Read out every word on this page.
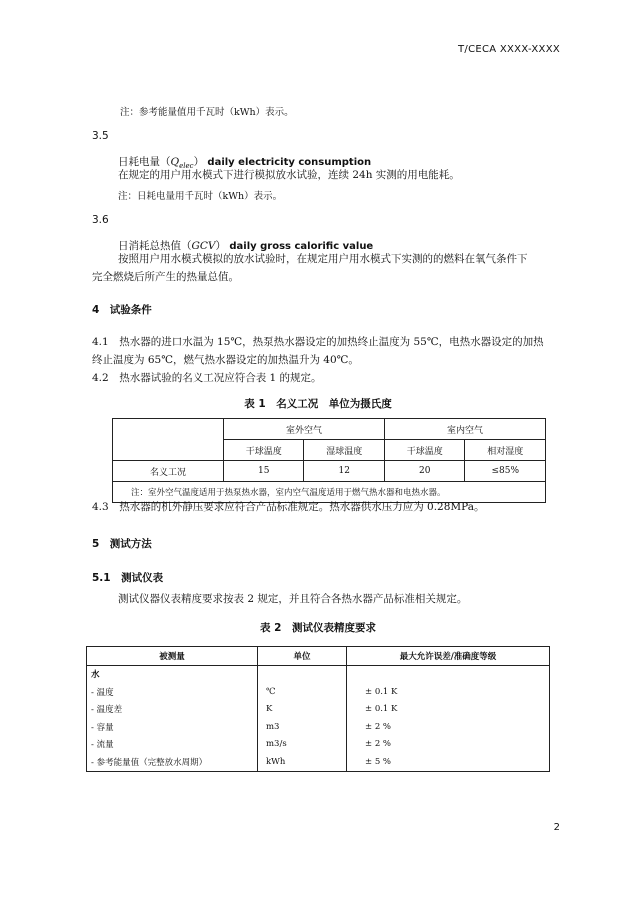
T/CECA XXXX-XXXX
注：参考能量值用千瓦时（kWh）表示。
3.5
日耗电量$(Q_{elec})$ daily electricity consumption
在规定的用户用水模式下进行模拟放水试验，连续 24h 实测的用电能耗。
注：日耗电量用千瓦时（kWh）表示。
3.6
日消耗总热值（GCV） daily gross calorific value
按照用户用水模式模拟的放水试验时，在规定用户用水模式下实测的的燃料在氧气条件下
完全燃烧后所产生的热量总值。
4　试验条件
4.1　热水器的进口水温为 15℃，热泵热水器设定的加热终止温度为 55℃，电热水器设定的加热
终止温度为 65℃，燃气热水器设定的加热温升为 40℃。
4.2　热水器试验的名义工况应符合表 1 的规定。
表 1　名义工况　单位为摄氏度
	室外空气		室内空气	
	干球温度	湿球温度	干球温度	相对湿度
名义工况	15	12	20	≤85%
注：室外空气温度适用于热泵热水器，室内空气温度适用于燃气热水器和电热水器。				
4.3　热水器的机外静压要求应符合产品标准规定。热水器供水压力应为 0.28MPa。
5　测试方法
5.1　测试仪表
测试仪器仪表精度要求按表 2 规定，并且符合各热水器产品标准相关规定。
表 2　测试仪表精度要求
被测量	单位	最大允许误差/准确度等级
水		
- 温度	℃	± 0.1 K
- 温度差	K	± 0.1 K
- 容量	m3	± 2 %
- 流量	m3/s	± 2 %
- 参考能量值（完整放水周期）	kWh	± 5 %
2
